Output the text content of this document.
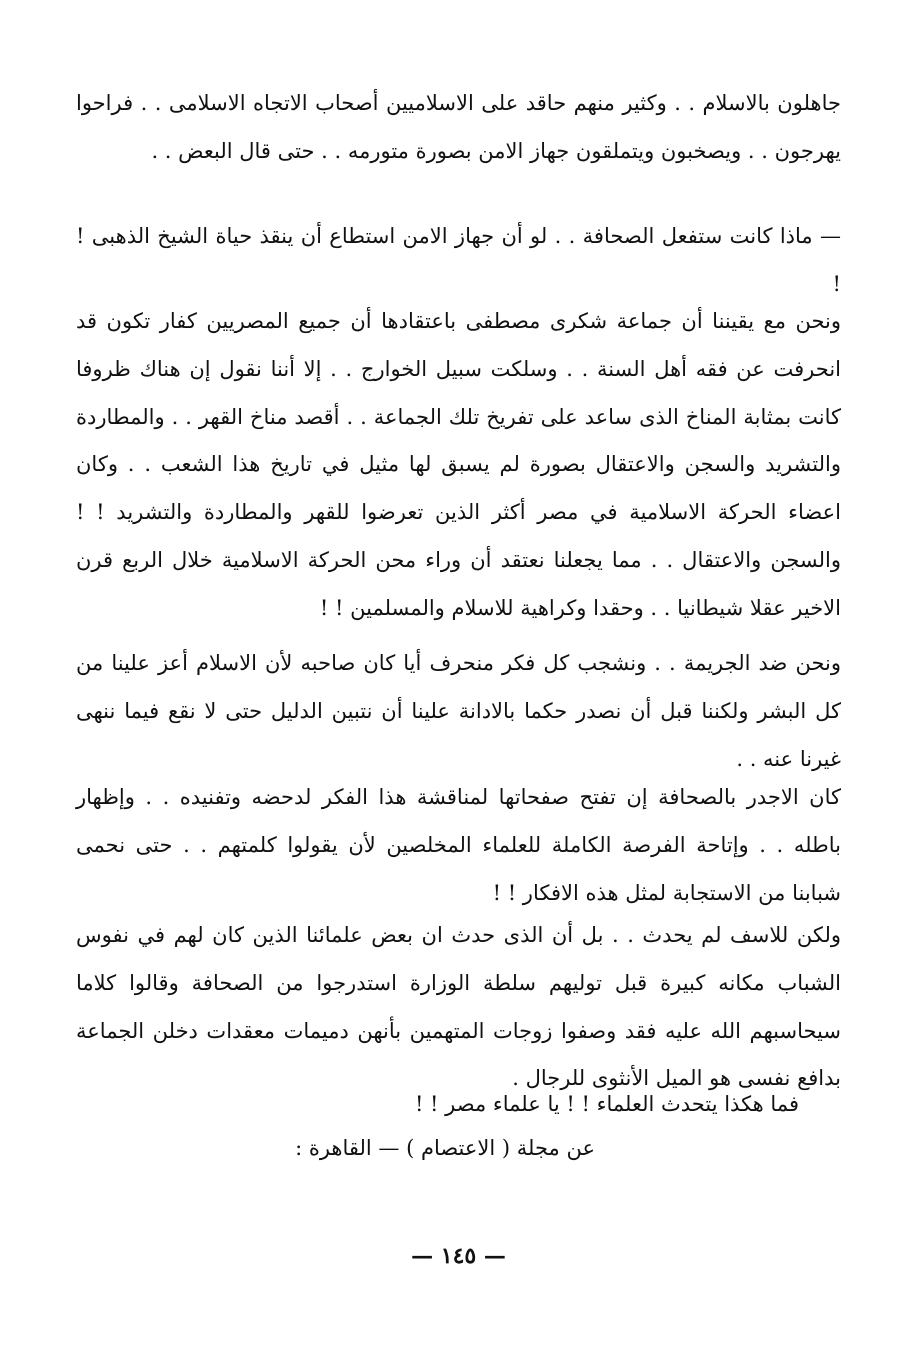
جاهلون بالاسلام . . وكثير منهم حاقد على الاسلاميين أصحاب الاتجاه الاسلامى . . فراحوا يهرجون . . ويصخبون ويتملقون جهاز الامن بصورة متورمه . . حتى قال البعض . .

— ماذا كانت ستفعل الصحافة . . لو أن جهاز الامن استطاع أن ينقذ حياة الشيخ الذهبى ! !

ونحن مع يقيننا أن جماعة شكرى مصطفى باعتقادها أن جميع المصريين كفار تكون قد انحرفت عن فقه أهل السنة . . وسلكت سبيل الخوارج . . إلا أننا نقول إن هناك ظروفا كانت بمثابة المناخ الذى ساعد على تفريخ تلك الجماعة . . أقصد مناخ القهر . . والمطاردة والتشريد والسجن والاعتقال بصورة لم يسبق لها مثيل في تاريخ هذا الشعب . . وكان اعضاء الحركة الاسلامية في مصر أكثر الذين تعرضوا للقهر والمطاردة والتشريد ! ! والسجن والاعتقال . . مما يجعلنا نعتقد أن وراء محن الحركة الاسلامية خلال الربع قرن الاخير عقلا شيطانيا . . وحقدا وكراهية للاسلام والمسلمين ! !

ونحن ضد الجريمة . . ونشجب كل فكر منحرف أيا كان صاحبه لأن الاسلام أعز علينا من كل البشر ولكننا قبل أن نصدر حكما بالادانة علينا أن نتبين الدليل حتى لا نقع فيما ننهى غيرنا عنه . .

كان الاجدر بالصحافة إن تفتح صفحاتها لمناقشة هذا الفكر لدحضه وتفنيده . . وإظهار باطله . . وإتاحة الفرصة الكاملة للعلماء المخلصين لأن يقولوا كلمتهم . . حتى نحمى شبابنا من الاستجابة لمثل هذه الافكار ! !

ولكن للاسف لم يحدث . . بل أن الذى حدث ان بعض علمائنا الذين كان لهم في نفوس الشباب مكانه كبيرة قبل توليهم سلطة الوزارة استدرجوا من الصحافة وقالوا كلاما سيحاسبهم الله عليه فقد وصفوا زوجات المتهمين بأنهن دميمات معقدات دخلن الجماعة بدافع نفسى هو الميل الأنثوى للرجال .

فما هكذا يتحدث العلماء ! ! يا علماء مصر ! !

عن مجلة ( الاعتصام ) — القاهرة :
— ١٤٥ —
